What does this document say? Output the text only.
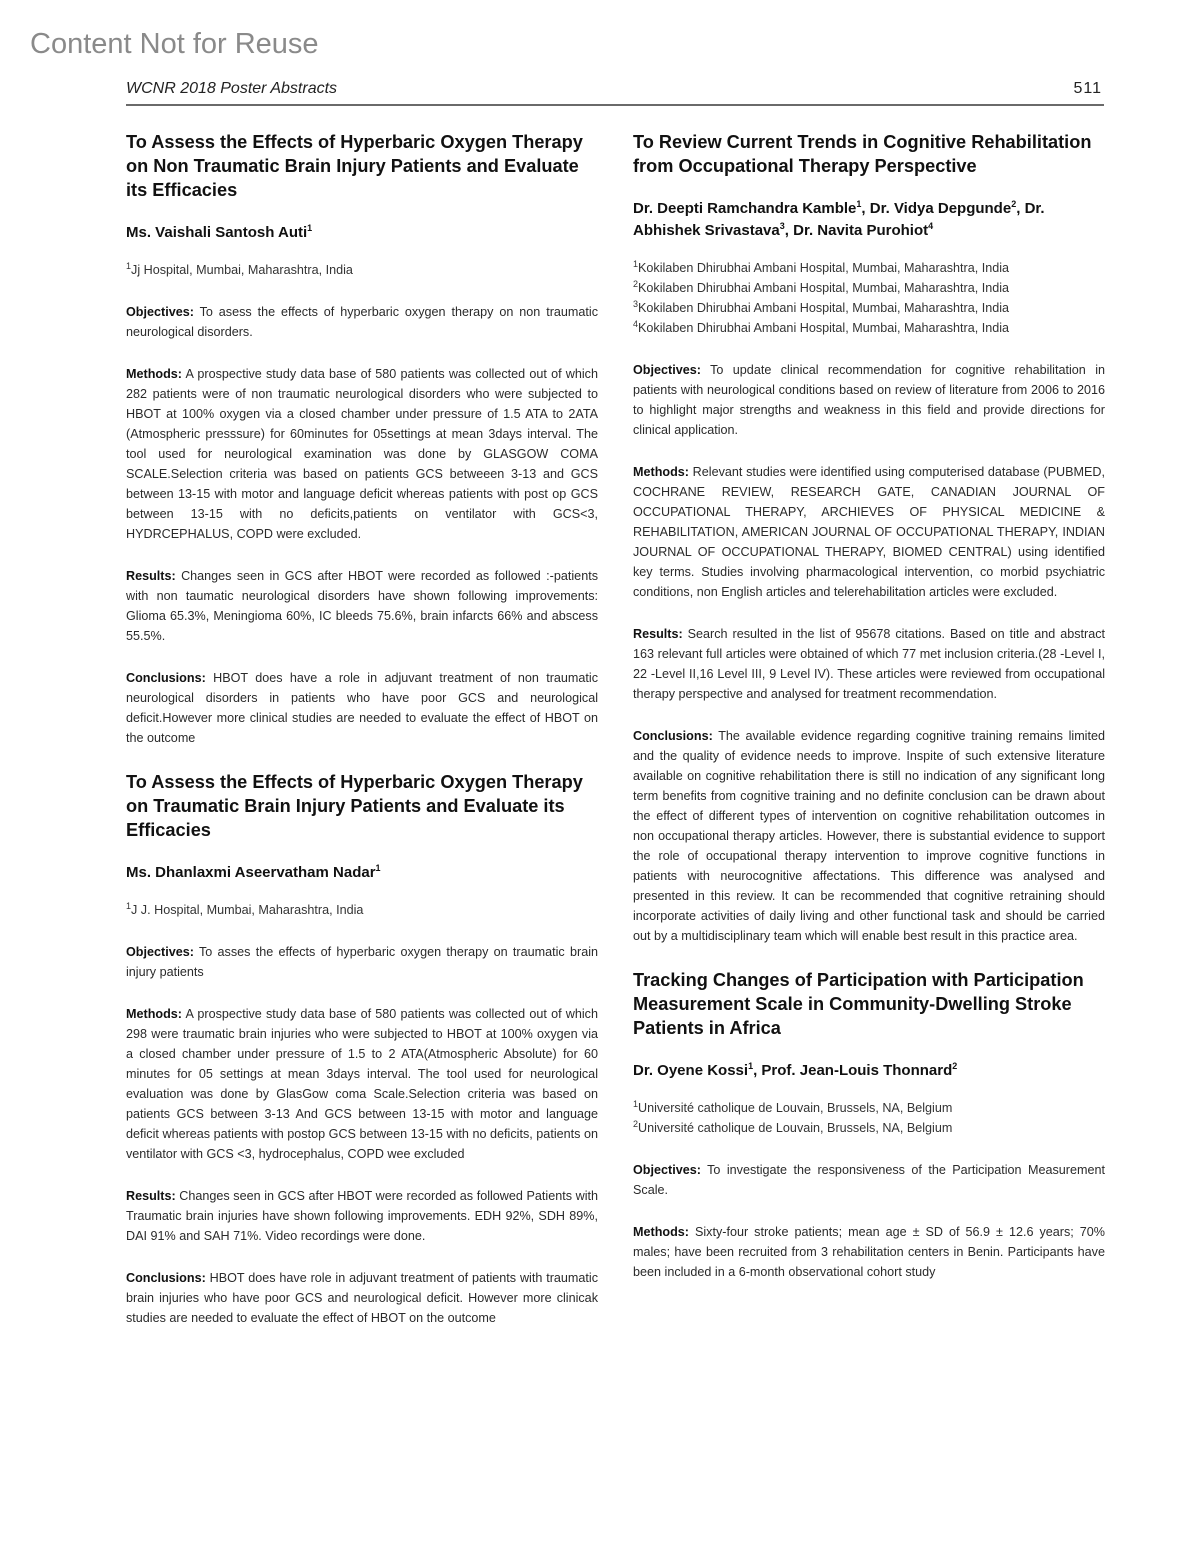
Content Not for Reuse
WCNR 2018 Poster Abstracts	511
To Assess the Effects of Hyperbaric Oxygen Therapy on Non Traumatic Brain Injury Patients and Evaluate its Efficacies
Ms. Vaishali Santosh Auti$^1$
$^1$Jj Hospital, Mumbai, Maharashtra, India

Objectives: To asess the effects of hyperbaric oxygen therapy on non traumatic neurological disorders.

Methods: A prospective study data base of 580 patients was collected out of which 282 patients were of non traumatic neurological disorders who were subjected to HBOT at 100% oxygen via a closed chamber under pressure of 1.5 ATA to 2ATA (Atmospheric presssure) for 60minutes for 05settings at mean 3days interval. The tool used for neurological examination was done by GLASGOW COMA SCALE.Selection criteria was based on patients GCS betweeen 3-13 and GCS between 13-15 with motor and language deficit whereas patients with post op GCS between 13-15 with no deficits,patients on ventilator with GCS<3, HYDRCEPHALUS, COPD were excluded.

Results: Changes seen in GCS after HBOT were recorded as followed :-patients with non taumatic neurological disorders have shown following improvements: Glioma 65.3%, Meningioma 60%, IC bleeds 75.6%, brain infarcts 66% and abscess 55.5%.

Conclusions: HBOT does have a role in adjuvant treatment of non traumatic neurological disorders in patients who have poor GCS and neurological deficit.However more clinical studies are needed to evaluate the effect of HBOT on the outcome

To Assess the Effects of Hyperbaric Oxygen Therapy on Traumatic Brain Injury Patients and Evaluate its Efficacies
Ms. Dhanlaxmi Aseervatham Nadar$^1$
$^1$J J. Hospital, Mumbai, Maharashtra, India

Objectives: To asses the effects of hyperbaric oxygen therapy on traumatic brain injury patients

Methods: A prospective study data base of 580 patients was collected out of which 298 were traumatic brain injuries who were subjected to HBOT at 100% oxygen via a closed chamber under pressure of 1.5 to 2 ATA(Atmospheric Absolute) for 60 minutes for 05 settings at mean 3days interval. The tool used for neurological evaluation was done by GlasGow coma Scale.Selection criteria was based on patients GCS between 3-13 And GCS between 13-15 with motor and language deficit whereas patients with postop GCS between 13-15 with no deficits, patients on ventilator with GCS <3, hydrocephalus, COPD wee excluded

Results: Changes seen in GCS after HBOT were recorded as followed Patients with Traumatic brain injuries have shown following improvements. EDH 92%, SDH 89%, DAI 91% and SAH 71%. Video recordings were done.

Conclusions: HBOT does have role in adjuvant treatment of patients with traumatic brain injuries who have poor GCS and neurological deficit. However more clinicak studies are needed to evaluate the effect of HBOT on the outcome

To Review Current Trends in Cognitive Rehabilitation from Occupational Therapy Perspective
Dr. Deepti Ramchandra Kamble$^1$, Dr. Vidya Depgunde$^2$, Dr. Abhishek Srivastava$^3$, Dr. Navita Purohiot$^4$
$^1$Kokilaben Dhirubhai Ambani Hospital, Mumbai, Maharashtra, India
$^2$Kokilaben Dhirubhai Ambani Hospital, Mumbai, Maharashtra, India
$^3$Kokilaben Dhirubhai Ambani Hospital, Mumbai, Maharashtra, India
$^4$Kokilaben Dhirubhai Ambani Hospital, Mumbai, Maharashtra, India

Objectives: To update clinical recommendation for cognitive rehabilitation in patients with neurological conditions based on review of literature from 2006 to 2016 to highlight major strengths and weakness in this field and provide directions for clinical application.

Methods: Relevant studies were identified using computerised database (PUBMED, COCHRANE REVIEW, RESEARCH GATE, CANADIAN JOURNAL OF OCCUPATIONAL THERAPY, ARCHIEVES OF PHYSICAL MEDICINE & REHABILITATION, AMERICAN JOURNAL OF OCCUPATIONAL THERAPY, INDIAN JOURNAL OF OCCUPATIONAL THERAPY, BIOMED CENTRAL) using identified key terms. Studies involving pharmacological intervention, co morbid psychiatric conditions, non English articles and telerehabilitation articles were excluded.

Results: Search resulted in the list of 95678 citations. Based on title and abstract 163 relevant full articles were obtained of which 77 met inclusion criteria.(28 -Level I, 22 -Level II,16 Level III, 9 Level IV). These articles were reviewed from occupational therapy perspective and analysed for treatment recommendation.

Conclusions: The available evidence regarding cognitive training remains limited and the quality of evidence needs to improve. Inspite of such extensive literature available on cognitive rehabilitation there is still no indication of any significant long term benefits from cognitive training and no definite conclusion can be drawn about the effect of different types of intervention on cognitive rehabilitation outcomes in non occupational therapy articles. However, there is substantial evidence to support the role of occupational therapy intervention to improve cognitive functions in patients with neurocognitive affectations. This difference was analysed and presented in this review. It can be recommended that cognitive retraining should incorporate activities of daily living and other functional task and should be carried out by a multidisciplinary team which will enable best result in this practice area.

Tracking Changes of Participation with Participation Measurement Scale in Community-Dwelling Stroke Patients in Africa
Dr. Oyene Kossi$^1$, Prof. Jean-Louis Thonnard$^2$
$^1$Université catholique de Louvain, Brussels, NA, Belgium
$^2$Université catholique de Louvain, Brussels, NA, Belgium

Objectives: To investigate the responsiveness of the Participation Measurement Scale.

Methods: Sixty-four stroke patients; mean age ± SD of 56.9 ± 12.6 years; 70% males; have been recruited from 3 rehabilitation centers in Benin. Participants have been included in a 6-month observational cohort study
